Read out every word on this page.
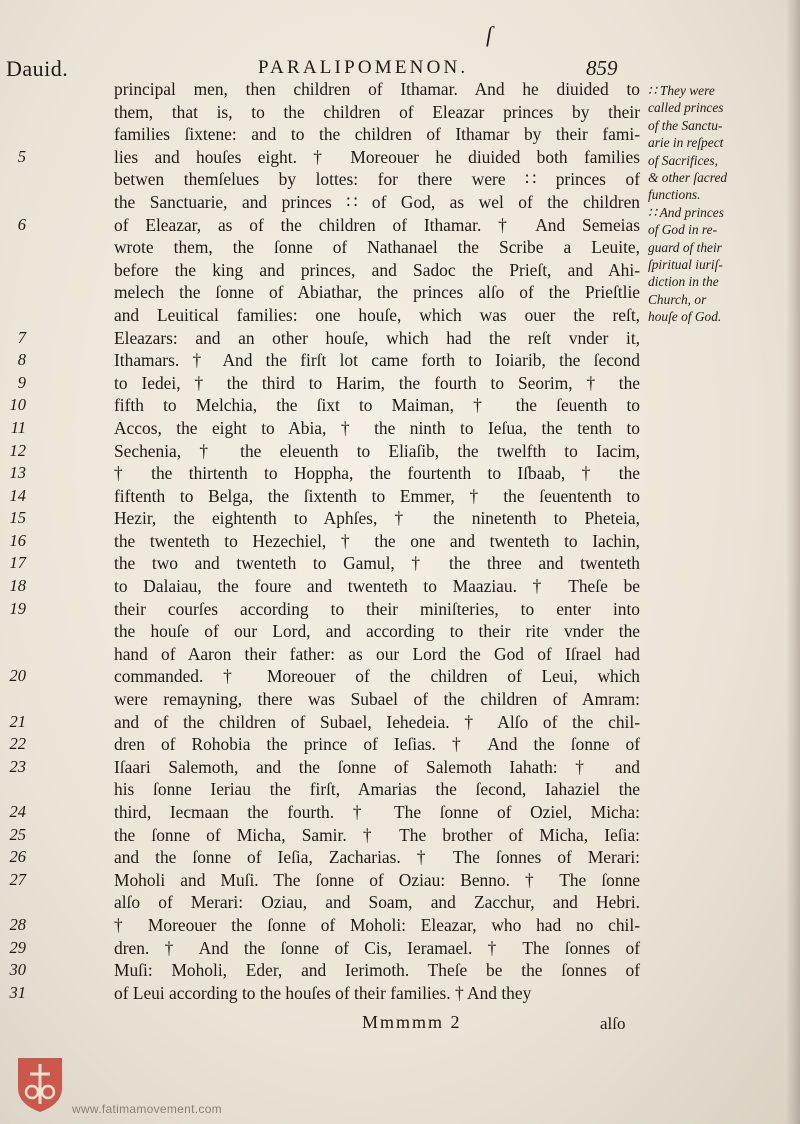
ſ
Dauid.	PARALIPOMENON.	859
principal men, then children of Ithamar. And he diuided to
them, that is, to the children of Eleazar princes by their
families ſixtene: and to the children of Ithamar by their fami-
5	lies and houſes eight. † Moreouer he diuided both families
betwen themſelues by lottes: for there were ∷ princes of
the Sanctuarie, and princes ∷ of God, as wel of the children
6	of Eleazar, as of the children of Ithamar. † And Semeias
wrote them, the ſonne of Nathanael the Scribe a Leuite,
before the king and princes, and Sadoc the Prieſt, and Ahi-
melech the ſonne of Abiathar, the princes alſo of the Prieſtlie
and Leuitical families: one houſe, which was ouer the reſt,
7	Eleazars: and an other houſe, which had the reſt vnder it,
8	Ithamars. † And the firſt lot came forth to Ioiarib, the ſecond
9	to Iedei, † the third to Harim, the fourth to Seorim, † the
10	fifth to Melchia, the ſixt to Maiman, † the ſeuenth to
11	Accos, the eight to Abia, † the ninth to Ieſua, the tenth to
12	Sechenia, † the eleuenth to Eliaſib, the twelfth to Iacim,
13	† the thirtenth to Hoppha, the fourtenth to Iſbaab, † the
14	fiftenth to Belga, the ſixtenth to Emmer, † the ſeuententh to
15	Hezir, the eightenth to Aphſes, † the ninetenth to Pheteia,
16	the twenteth to Hezechiel, † the one and twenteth to Iachin,
17	the two and twenteth to Gamul, † the three and twenteth
18	to Dalaiau, the foure and twenteth to Maaziau. † Theſe be
19	their courſes according to their miniſteries, to enter into
the houſe of our Lord, and according to their rite vnder the
hand of Aaron their father: as our Lord the God of Iſrael had
20	commanded. † Moreouer of the children of Leui, which
were remayning, there was Subael of the children of Amram:
21	and of the children of Subael, Iehedeia. † Alſo of the chil-
22	dren of Rohobia the prince of Ieſias. † And the ſonne of
23	Iſaari Salemoth, and the ſonne of Salemoth Iahath: † and
his ſonne Ieriau the firſt, Amarias the ſecond, Iahaziel the
24	third, Iecmaan the fourth. † The ſonne of Oziel, Micha:
25	the ſonne of Micha, Samir. † The brother of Micha, Ieſia:
26	and the ſonne of Ieſia, Zacharias. † The ſonnes of Merari:
27	Moholi and Muſi. The ſonne of Oziau: Benno. † The ſonne
alſo of Merari: Oziau, and Soam, and Zacchur, and Hebri.
28	† Moreouer the ſonne of Moholi: Eleazar, who had no chil-
29	dren. † And the ſonne of Cis, Ieramael. † The ſonnes of
30	Muſi: Moholi, Eder, and Ierimoth. Theſe be the ſonnes of
31	of Leui according to the houſes of their families. † And they
∷ They were
called princes
of the Sanctu-
arie in reſpect
of Sacrifices,
& other ſacred
functions.
∷ And princes
of God in re-
guard of their
ſpiritual iuriſ-
diction in the
Church, or
houſe of God.
Mmmmm 2	alſo
www.fatimamovement.com
